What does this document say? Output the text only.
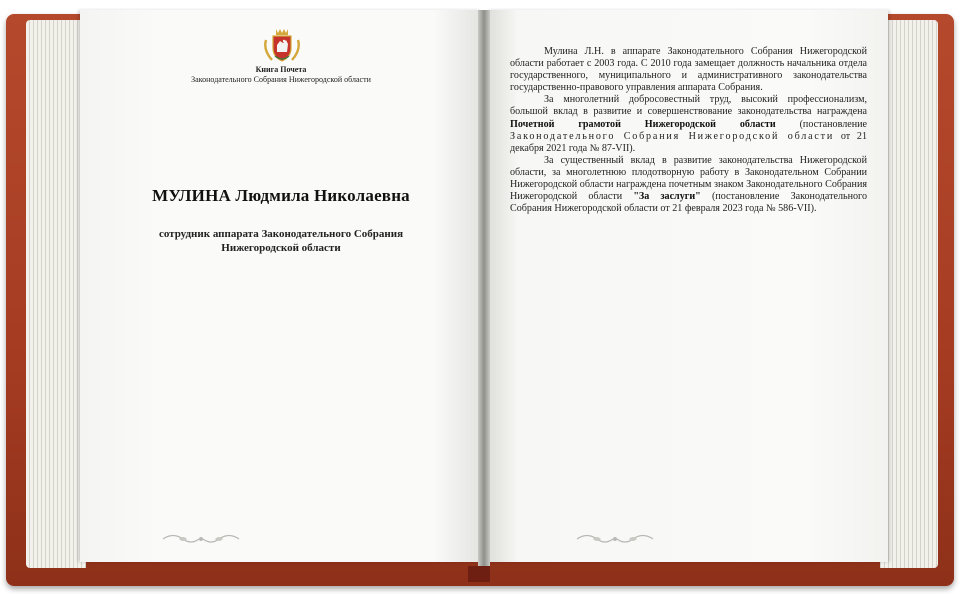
Книга Почета
Законодательного Собрания Нижегородской области
МУЛИНА Людмила Николаевна
сотрудник аппарата Законодательного Собрания Нижегородской области

Мулина Л.Н. в аппарате Законодательного Собрания Нижегородской области работает с 2003 года. С 2010 года замещает должность начальника отдела государственного, муниципального и административного законодательства государственно-правового управления аппарата Собрания.

За многолетний добросовестный труд, высокий профессионализм, большой вклад в развитие и совершенствование законодательства награждена Почетной грамотой Нижегородской области (постановление Законодательного Собрания Нижегородской области от 21 декабря 2021 года № 87-VII).

За существенный вклад в развитие законодательства Нижегородской области, за многолетнюю плодотворную работу в Законодательном Собрании Нижегородской области награждена почетным знаком Законодательного Собрания Нижегородской области "За заслуги" (постановление Законодательного Собрания Нижегородской области от 21 февраля 2023 года № 586-VII).
